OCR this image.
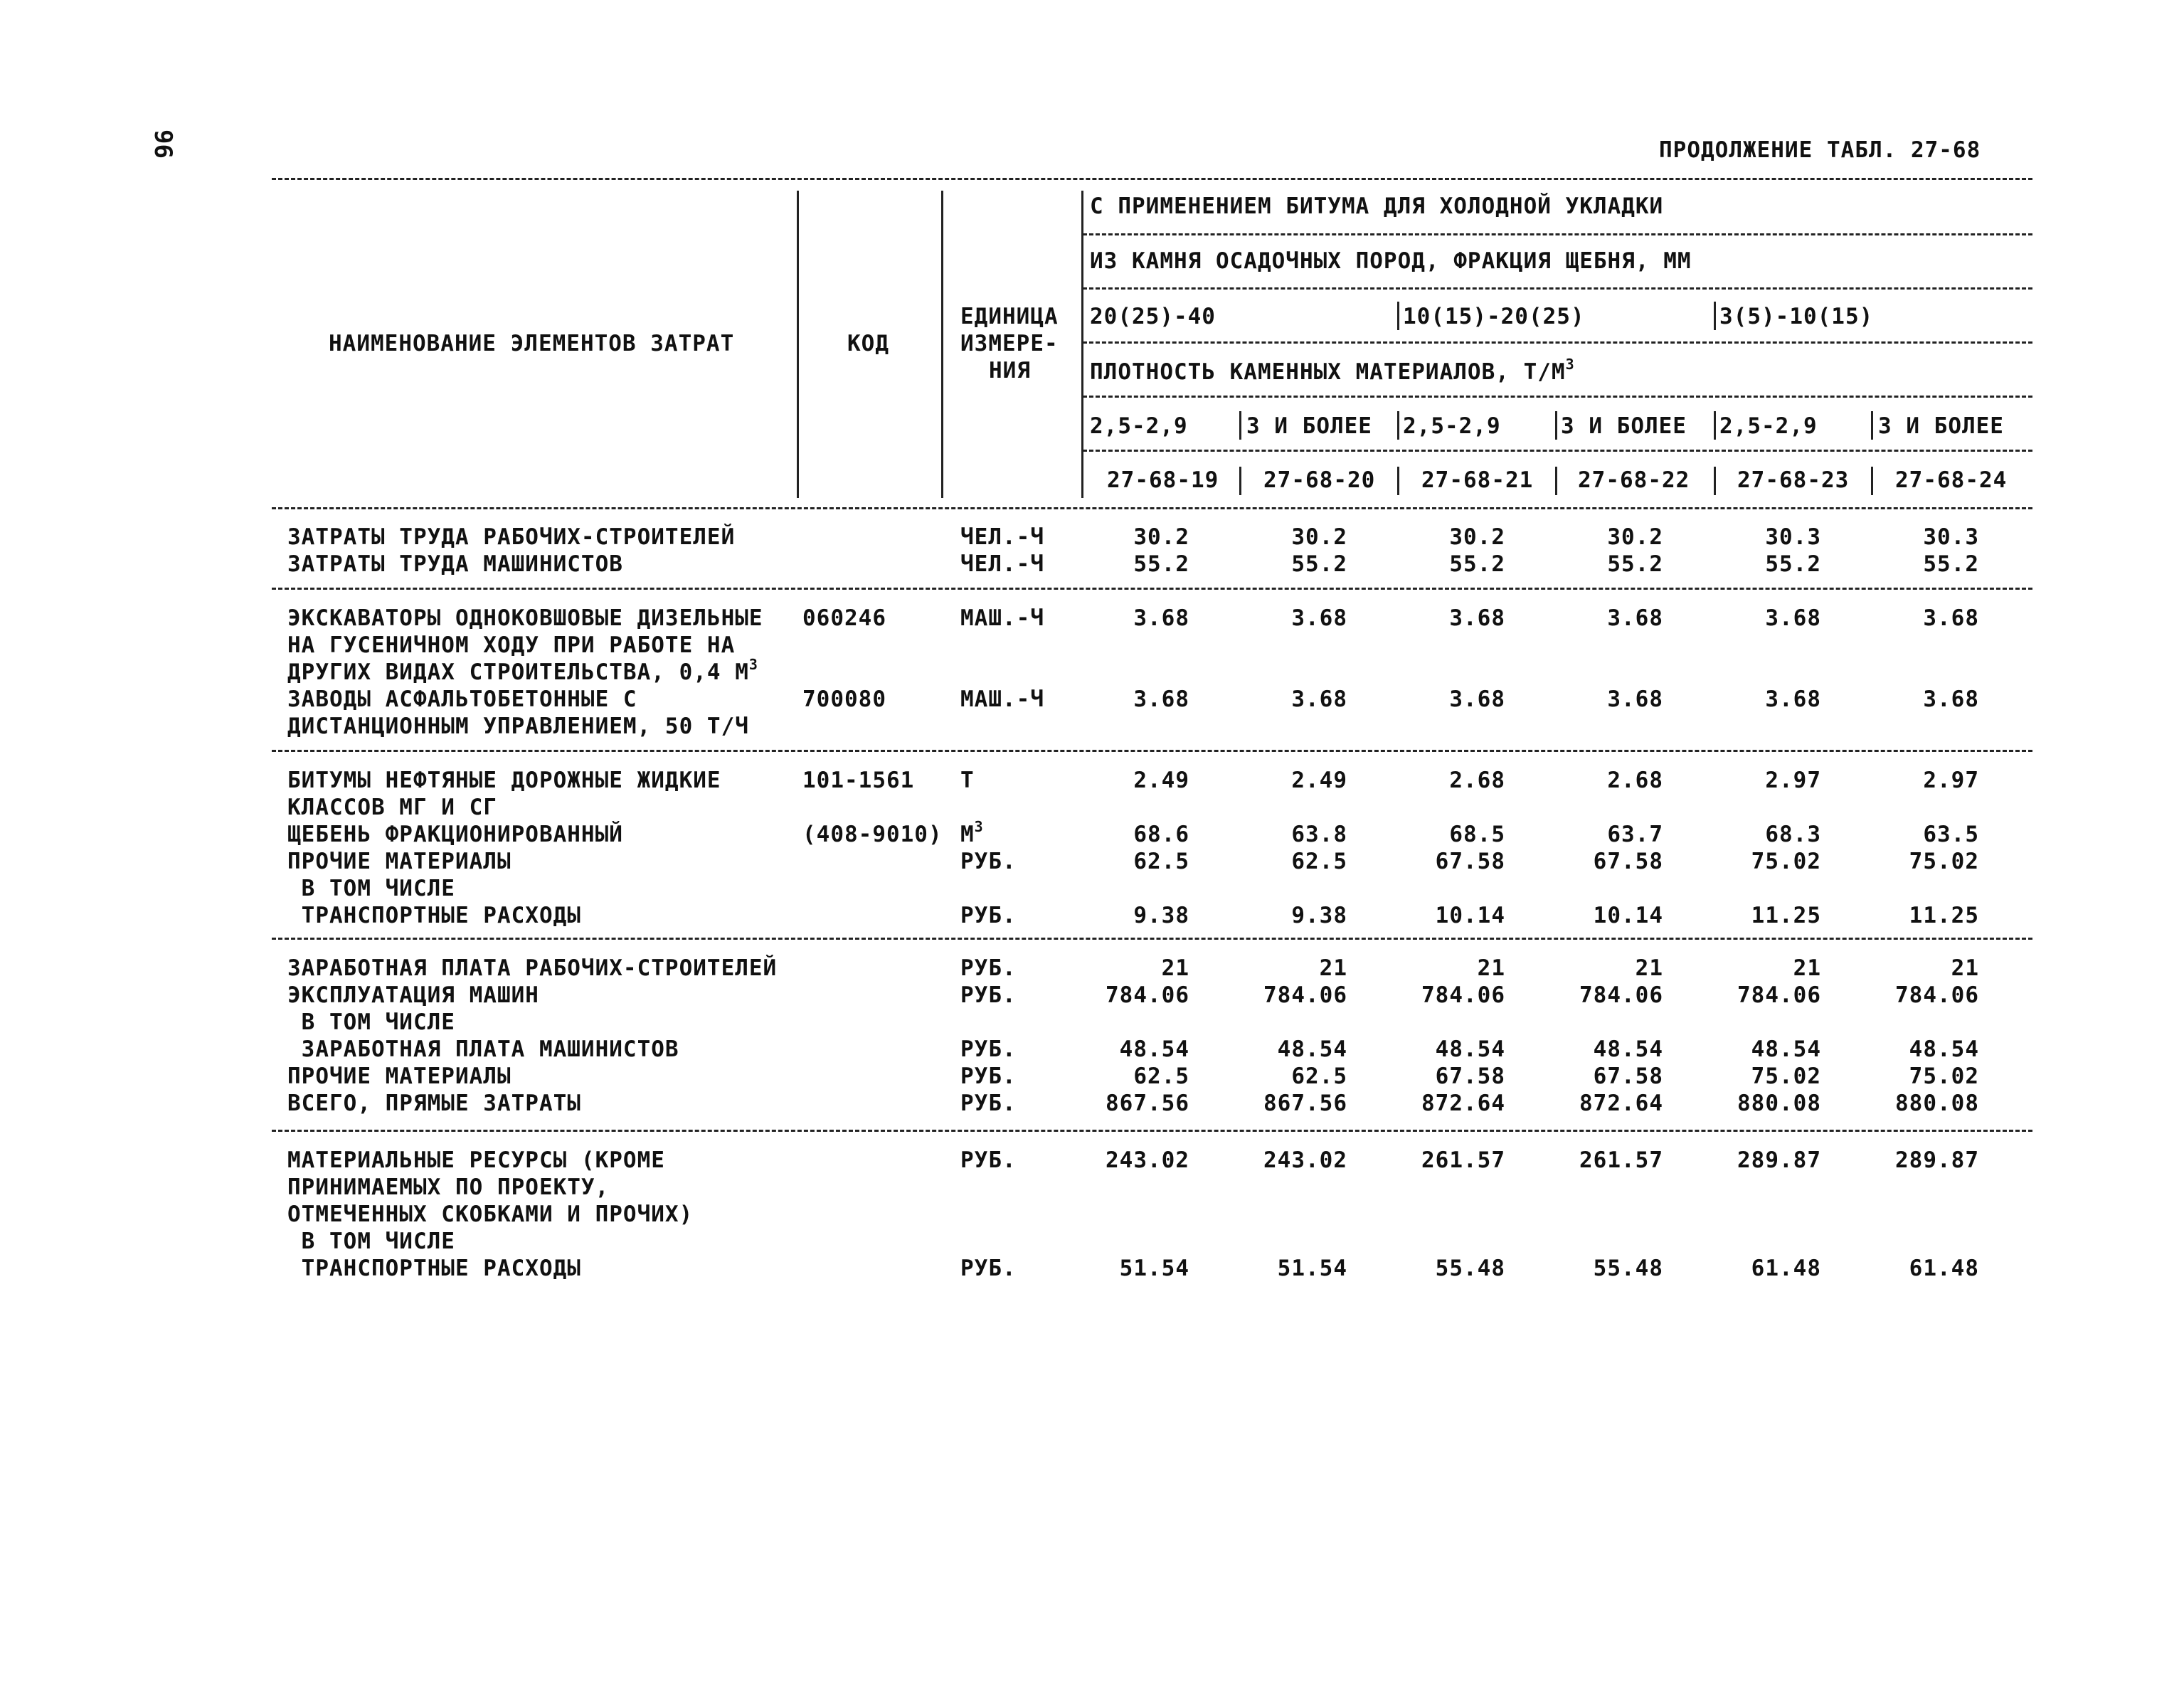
96	ПРОДОЛЖЕНИЕ ТАБЛ. 27-68
НАИМЕНОВАНИЕ ЭЛЕМЕНТОВ ЗАТРАТ	КОД
ЕДИНИЦА
ИЗМЕРЕ-
НИЯ
С ПРИМЕНЕНИЕМ БИТУМА ДЛЯ ХОЛОДНОЙ УКЛАДКИ
ИЗ КАМНЯ ОСАДОЧНЫХ ПОРОД, ФРАКЦИЯ ЩЕБНЯ, ММ
20(25)-40	10(15)-20(25)	3(5)-10(15)
ПЛОТНОСТЬ КАМЕННЫХ МАТЕРИАЛОВ, $Т/М^3$
2,5-2,9	3 И БОЛЕЕ 2,5-2,9	3 И БОЛЕЕ 2,5-2,9	3 И БОЛЕЕ
27-68-19 27-68-20 27-68-21 27-68-22 27-68-23 27-68-24
ЗАТРАТЫ ТРУДА РАБОЧИХ-СТРОИТЕЛЕЙ	ЧЕЛ.-Ч	30.2	30.2	30.2	30.2	30.3	30.3
ЗАТРАТЫ ТРУДА МАШИНИСТОВ	ЧЕЛ.-Ч	55.2	55.2	55.2	55.2	55.2	55.2
ЭКСКАВАТОРЫ ОДНОКОВШОВЫЕ ДИЗЕЛЬНЫЕ
НА ГУСЕНИЧНОМ ХОДУ ПРИ РАБОТЕ НА
ДРУГИХ ВИДАХ СТРОИТЕЛЬСТВА, 0,4 $М^3$
060246	МАШ.-Ч	3.68	3.68	3.68	3.68	3.68	3.68
ЗАВОДЫ АСФАЛЬТОБЕТОННЫЕ С
ДИСТАНЦИОННЫМ УПРАВЛЕНИЕМ, 50 Т/Ч
700080	МАШ.-Ч	3.68	3.68	3.68	3.68	3.68	3.68
БИТУМЫ НЕФТЯНЫЕ ДОРОЖНЫЕ ЖИДКИЕ
КЛАССОВ МГ И СГ
101-1561 Т	2.49	2.49	2.68	2.68	2.97	2.97
ЩЕБЕНЬ ФРАКЦИОНИРОВАННЫЙ	(408-9010) $М^3$	68.6	63.8	68.5	63.7	68.3	63.5
ПРОЧИЕ МАТЕРИАЛЫ	РУБ.	62.5	62.5	67.58	67.58	75.02	75.02
В ТОМ ЧИСЛЕ
ТРАНСПОРТНЫЕ РАСХОДЫ	РУБ.	9.38	9.38	10.14	10.14	11.25	11.25
ЗАРАБОТНАЯ ПЛАТА РАБОЧИХ-СТРОИТЕЛЕЙ	РУБ.	21	21	21	21	21	21
ЭКСПЛУАТАЦИЯ МАШИН	РУБ.	784.06	784.06	784.06	784.06	784.06	784.06
В ТОМ ЧИСЛЕ
ЗАРАБОТНАЯ ПЛАТА МАШИНИСТОВ	РУБ.	48.54	48.54	48.54	48.54	48.54	48.54
ПРОЧИЕ МАТЕРИАЛЫ	РУБ.	62.5	62.5	67.58	67.58	75.02	75.02
ВСЕГО, ПРЯМЫЕ ЗАТРАТЫ	РУБ.	867.56	867.56	872.64	872.64	880.08	880.08
МАТЕРИАЛЬНЫЕ РЕСУРСЫ (КРОМЕ
ПРИНИМАЕМЫХ ПО ПРОЕКТУ,
ОТМЕЧЕННЫХ СКОБКАМИ И ПРОЧИХ)
РУБ.	243.02	243.02	261.57	261.57	289.87	289.87
В ТОМ ЧИСЛЕ
ТРАНСПОРТНЫЕ РАСХОДЫ	РУБ.	51.54	51.54	55.48	55.48	61.48	61.48
